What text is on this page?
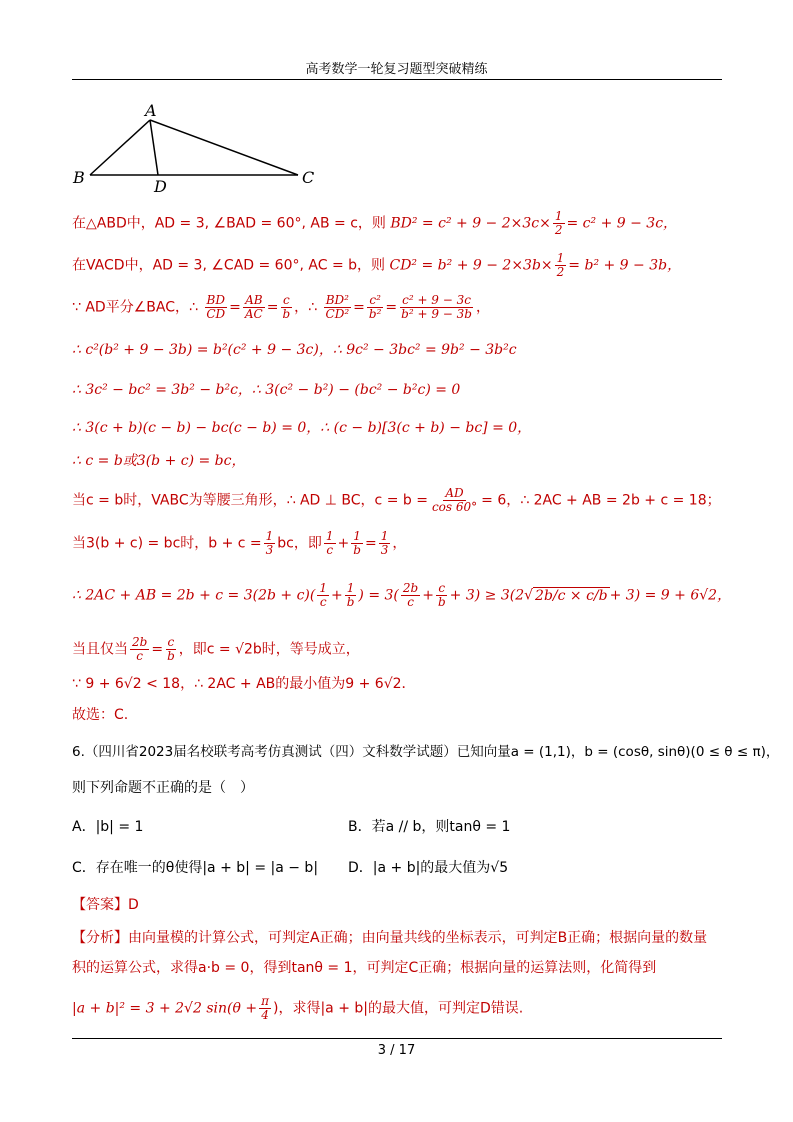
高考数学一轮复习题型突破精练
A
B	D	C
在△ABD中，AD = 3, ∠BAD = 60°, AB = c，则 $BD^2 = c^2 + 9 - 2\times 3c\times \frac{1}{2} = c^2 + 9 - 3c$，
在VACD中，AD = 3, ∠CAD = 60°, AC = b，则 $CD^2 = b^2 + 9 - 2\times 3b\times \frac{1}{2} = b^2 + 9 - 3b$，
∵ AD平分∠BAC，∴ $\frac{BD}{CD} = \frac{AB}{AC} = \frac{c}{b}$ ，∴ $\frac{\text{BD²}}{\text{CD²}} = \frac{\text{c²}}{\text{b²}} = \frac{\text{c² + 9 − 3c}}{\text{b² + 9 − 3b}}$ ，
∴ c²(b² + 9 − 3b) = b²(c² + 9 − 3c)，∴ 9c² − 3bc² = 9b² − 3b²c
∴ 3c² − bc² = 3b² − b²c，∴ 3(c² − b²) − (bc² − b²c) = 0
∴ 3(c + b)(c − b) − bc(c − b) = 0，∴ (c − b)[3(c + b) − bc] = 0，
∴ c = b或3(b + c) = bc，
当c = b时，VABC为等腰三角形，∴ AD ⊥ BC，$c = b = \frac{AD}{\cos 60^\circ} = 6$，∴ 2AC + AB = 2b + c = 18；
当3(b + c) = bc时，$b + c = \frac{1}{3}$ bc，即 $\frac{1}{c} + \frac{1}{b} = \frac{1}{3}$ ，
∴ 2AC + AB = $2b + c = 3(2b + c)( \frac{1}{c} + \frac{1}{b}$ ) = $3( \frac{2b}{c} + \frac{c}{b} + 3) \ge 3(2√$ 2b/c × c/b + 3) = 9 + 6√2，
当且仅当 $\frac{2b}{c} = \frac{c}{b}$ ，即c = √2b时，等号成立，
∵ 9 + 6√2 < 18，∴ 2AC + AB的最小值为9 + 6√2．
故选：C.
6.（四川省2023届名校联考高考仿真测试（四）文科数学试题）已知向量a = (1,1)，b = (cosθ, sinθ)(0 ≤ θ ≤ π)，
则下列命题不正确的是（　）
A．|b| = 1	B．若a // b，则tanθ = 1
C．存在唯一的θ使得|a + b| = |a − b| D．|a + b|的最大值为√5
【答案】D
【分析】由向量模的计算公式，可判定A正确；由向量共线的坐标表示，可判定B正确；根据向量的数量
积的运算公式，求得a·b = 0，得到tanθ = 1，可判定C正确；根据向量的运算法则，化简得到
|a + b|² = 3 + 2√2 $\sin(\theta + \frac{\pi}{4}$ )，求得|a + b|的最大值，可判定D错误.
3 / 17
